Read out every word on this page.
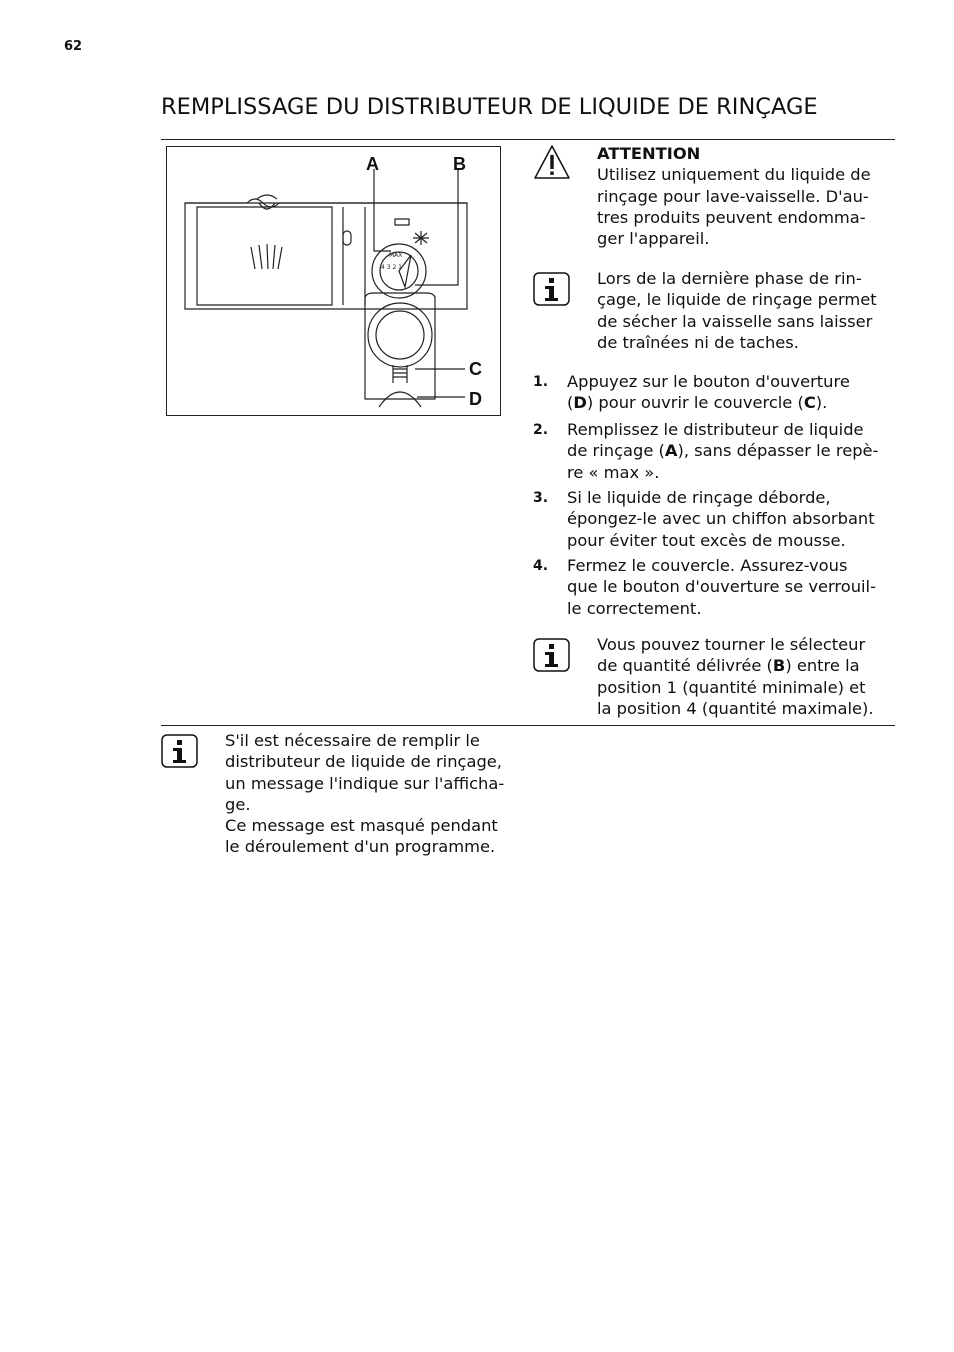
62
REMPLISSAGE DU DISTRIBUTEUR DE LIQUIDE DE RINÇAGE
A	B
C
D
MAX
4 3 2 1

ATTENTION

Utilisez uniquement du liquide de

rinçage pour lave-vaisselle. D'au-

tres produits peuvent endomma-

ger l'appareil.

Lors de la dernière phase de rin-

çage, le liquide de rinçage permet

de sécher la vaisselle sans laisser

de traînées ni de taches.

1. Appuyez sur le bouton d'ouverture
(D) pour ouvrir le couvercle (C).
2. Remplissez le distributeur de liquide
de rinçage (A), sans dépasser le repè-
re « max ».
3. Si le liquide de rinçage déborde,
épongez-le avec un chiffon absorbant
pour éviter tout excès de mousse.
4. Fermez le couvercle. Assurez-vous
que le bouton d'ouverture se verrouil-
le correctement.

Vous pouvez tourner le sélecteur

de quantité délivrée (B) entre la

position 1 (quantité minimale) et

la position 4 (quantité maximale).

S'il est nécessaire de remplir le

distributeur de liquide de rinçage,

un message l'indique sur l'afficha-

ge.

Ce message est masqué pendant

le déroulement d'un programme.
